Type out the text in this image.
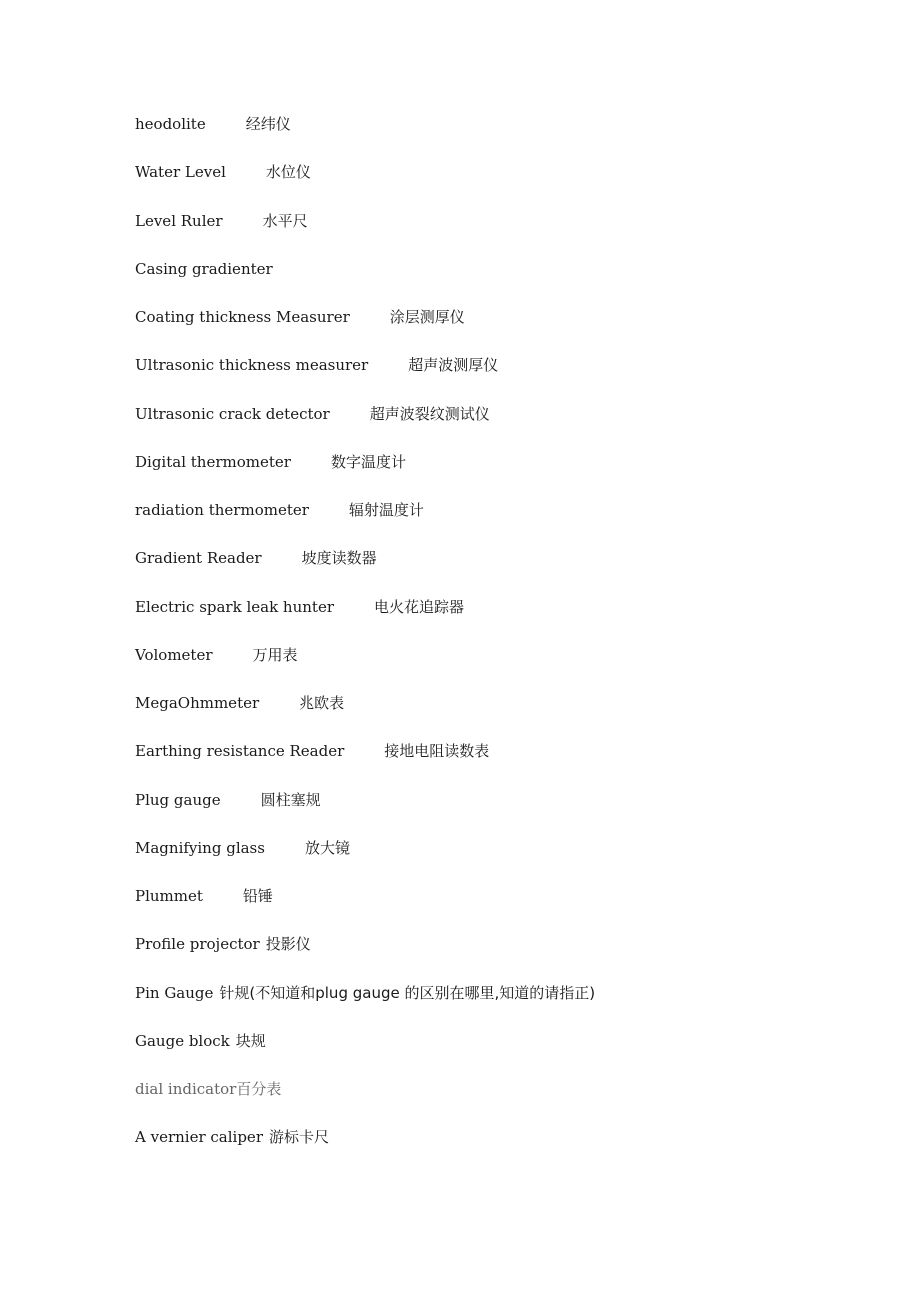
heodolite	经纬仪
Water Level	水位仪
Level Ruler	水平尺
Casing gradienter
Coating thickness Measurer	涂层测厚仪
Ultrasonic thickness measurer	超声波测厚仪
Ultrasonic crack detector	超声波裂纹测试仪
Digital thermometer	数字温度计
radiation thermometer	辐射温度计
Gradient Reader	坡度读数器
Electric spark leak hunter	电火花追踪器
Volometer	万用表
MegaOhmmeter	兆欧表
Earthing resistance Reader	接地电阻读数表
Plug gauge	圆柱塞规
Magnifying glass	放大镜
Plummet	铅锤
Profile projector 投影仪
Pin Gauge 针规(不知道和plug gauge 的区别在哪里,知道的请指正)
Gauge block 块规
dial indicator百分表
A vernier caliper 游标卡尺
